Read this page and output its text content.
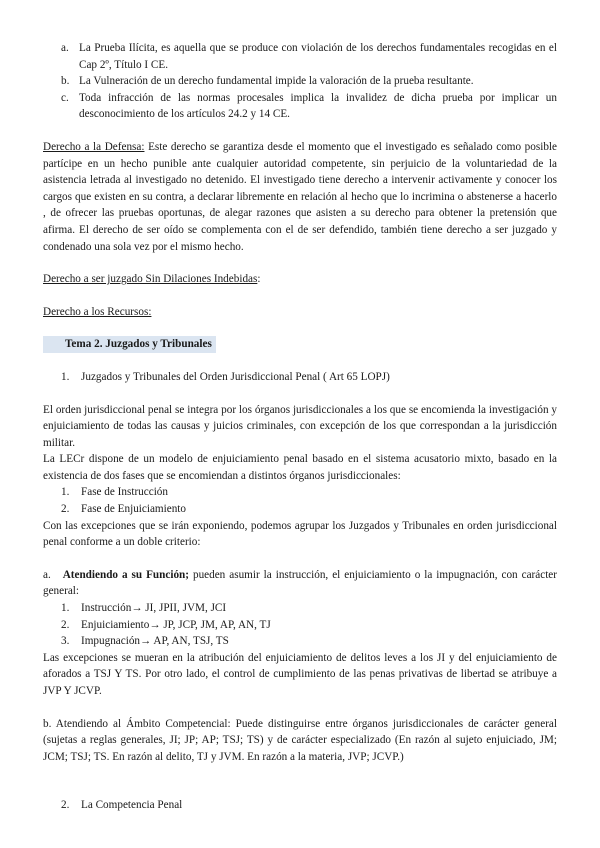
a. La Prueba Ilícita, es aquella que se produce con violación de los derechos fundamentales recogidas en el Cap 2º, Título I CE.
b. La Vulneración de un derecho fundamental impide la valoración de la prueba resultante.
c. Toda infracción de las normas procesales implica la invalidez de dicha prueba por implicar un desconocimiento de los artículos 24.2 y 14 CE.

Derecho a la Defensa: Este derecho se garantiza desde el momento que el investigado es señalado como posible partícipe en un hecho punible ante cualquier autoridad competente, sin perjuicio de la voluntariedad de la asistencia letrada al investigado no detenido. El investigado tiene derecho a intervenir activamente y conocer los cargos que existen en su contra, a declarar libremente en relación al hecho que lo incrimina o abstenerse a hacerlo , de ofrecer las pruebas oportunas, de alegar razones que asisten a su derecho para obtener la pretensión que afirma. El derecho de ser oído se complementa con el de ser defendido, también tiene derecho a ser juzgado y condenado una sola vez por el mismo hecho.

Derecho a ser juzgado Sin Dilaciones Indebidas:

Derecho a los Recursos:

Tema 2. Juzgados y Tribunales

1.	Juzgados y Tribunales del Orden Jurisdiccional Penal ( Art 65 LOPJ)

El orden jurisdiccional penal se integra por los órganos jurisdiccionales a los que se encomienda la investigación y enjuiciamiento de todas las causas y juicios criminales, con excepción de los que correspondan a la jurisdicción militar.

La LECr dispone de un modelo de enjuiciamiento penal basado en el sistema acusatorio mixto, basado en la existencia de dos fases que se encomiendan a distintos órganos jurisdiccionales:

1.	Fase de Instrucción
2.	Fase de Enjuiciamiento

Con las excepciones que se irán exponiendo, podemos agrupar los Juzgados y Tribunales en orden jurisdiccional penal conforme a un doble criterio:

a. Atendiendo a su Función; pueden asumir la instrucción, el enjuiciamiento o la impugnación, con carácter general:

1.	Instrucción→ JI, JPII, JVM, JCI
2.	Enjuiciamiento→ JP, JCP, JM, AP, AN, TJ
3.	Impugnación→ AP, AN, TSJ, TS

Las excepciones se mueran en la atribución del enjuiciamiento de delitos leves a los JI y del enjuiciamiento de aforados a TSJ Y TS. Por otro lado, el control de cumplimiento de las penas privativas de libertad se atribuye a JVP Y JCVP.

b. Atendiendo al Ámbito Competencial: Puede distinguirse entre órganos jurisdiccionales de carácter general (sujetas a reglas generales, JI; JP; AP; TSJ; TS) y de carácter especializado (En razón al sujeto enjuiciado, JM; JCM; TSJ; TS. En razón al delito, TJ y JVM. En razón a la materia, JVP; JCVP.)

2.	La Competencia Penal
